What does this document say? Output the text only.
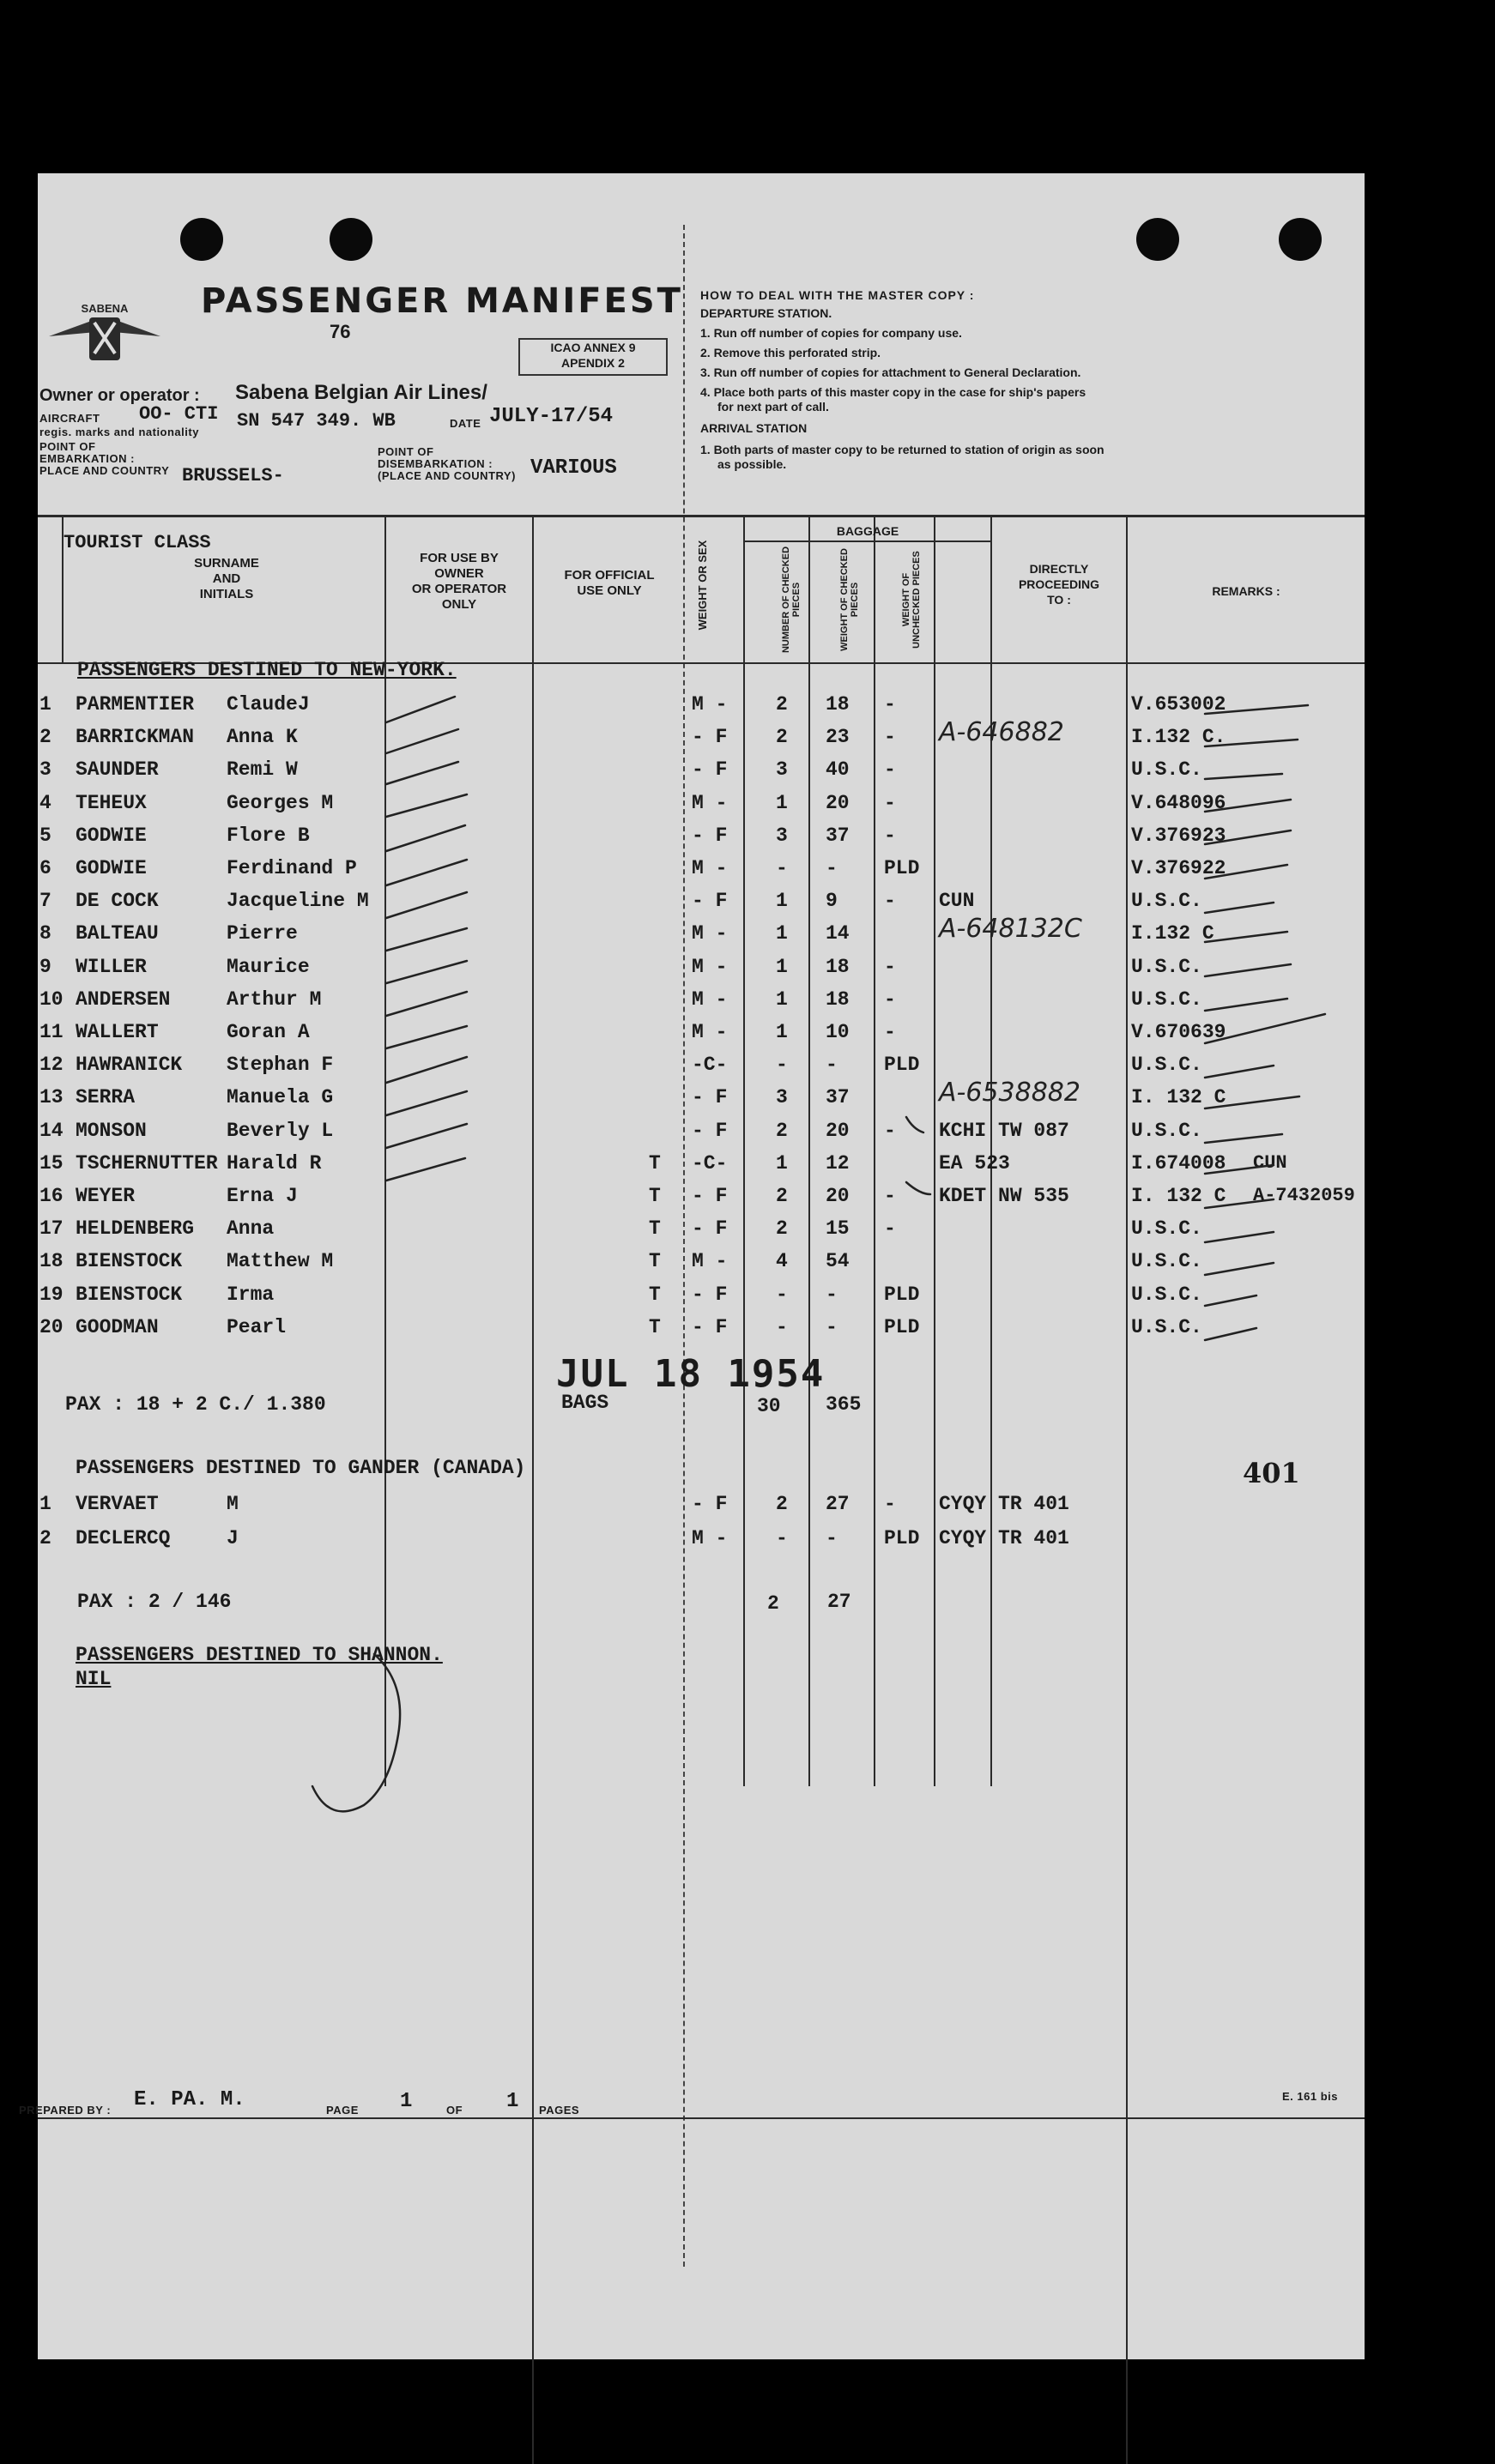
SABENA PASSENGER MANIFEST
76
ICAO ANNEX 9
APENDIX 2
Owner or operator : Sabena Belgian Air Lines/
AIRCRAFT
regis. marks and nationality
OO- CTI SN 547 349. WB	DATE JULY-17/54
POINT OF
EMBARKATION :
PLACE AND COUNTRY BRUSSELS-
POINT OF
DISEMBARKATION :
(PLACE AND COUNTRY) VARIOUS
HOW TO DEAL WITH THE MASTER COPY :
DEPARTURE STATION.
1. Run off number of copies for company use.
2. Remove this perforated strip.
3. Run off number of copies for attachment to General Declaration.
4. Place both parts of this master copy in the case for ship's papers
for next part of call.
ARRIVAL STATION
1. Both parts of master copy to be returned to station of origin as soon
as possible.
TOURIST CLASS
SURNAME
AND
INITIALS
FOR USE BY
OWNER
OR OPERATOR
ONLY
FOR OFFICIAL
USE ONLY	WEIGHT OR SEX
BAGGAGE
NUMBER OF CHECKED PIECES	WEIGHT OF CHECKED PIECES	WEIGHT OF UNCHECKED PIECES	DIRECTLY
PROCEEDING
TO :
REMARKS :
PASSENGERS DESTINED TO NEW-YORK.
1 PARMENTIER ClaudeJ	M - 2 18 -	V.653002
2 BARRICKMAN Anna K	- F 2 23 - A-646882	I.132 C.
3 SAUNDER	Remi W	- F 3 40 -	U.S.C.
4 TEHEUX	Georges M	M - 1 20 -	V.648096
5 GODWIE	Flore B	- F 3 37 -	V.376923
6 GODWIE	Ferdinand P	M - - - PLD	V.376922
7 DE COCK	Jacqueline M	- F 1 9 - CUN	U.S.C.
8 BALTEAU	Pierre	M - 1 14	A-648132C I.132 C
9 WILLER	Maurice	M - 1 18 -	U.S.C.
10 ANDERSEN	Arthur M	M - 1 18 -	U.S.C.
11 WALLERT	Goran A	M - 1 10 -	V.670639
12 HAWRANICK Stephan F	-C- - - PLD	U.S.C.
13 SERRA	Manuela G	- F 3 37	A-6538882	I. 132 C
14 MONSON	Beverly L	- F 2 20 - KCHI TW 087	U.S.C.
15 TSCHERNUTTER Harald R	T -C- 1 12	EA 523	I.674008 CUN
16 WEYER	Erna J	T - F 2 20 - KDET NW 535	I. 132 C A-7432059
17 HELDENBERG Anna	T - F 2 15 -	U.S.C.
18 BIENSTOCK Matthew M	T M - 4 54	U.S.C.
19 BIENSTOCK Irma	T - F - - PLD	U.S.C.
20 GOODMAN	Pearl	T - F - - PLD	U.S.C.
PAX : 18 + 2 C./ 1.380
JUL 18 1954
BAGS	30 365
PASSENGERS DESTINED TO GANDER (CANADA)	401
1 VERVAET	M	- F 2 27 - CYQY TR 401
2 DECLERCQ	J	M - - - PLD CYQY TR 401
PAX : 2 / 146	2 27
PASSENGERS DESTINED TO SHANNON.
NIL
PREPARED BY : E. PA. M.	PAGE 1	OF 1 PAGES
E. 161 bis
